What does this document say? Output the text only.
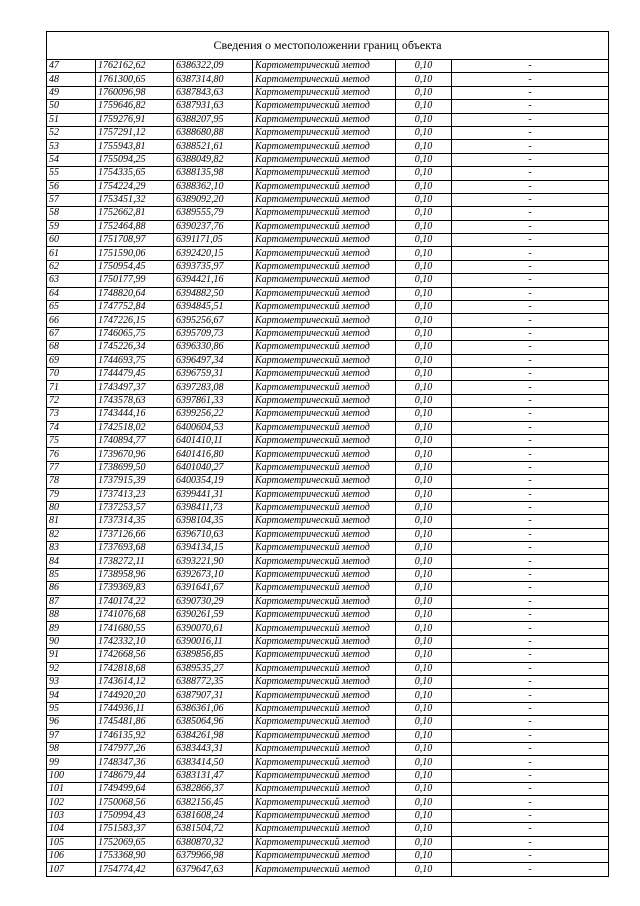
Сведения о местоположении границ объекта					
47	1762162,62	6386322,09	Картометрический метод	0,10	-
48	1761300,65	6387314,80	Картометрический метод	0,10	-
49	1760096,98	6387843,63	Картометрический метод	0,10	-
50	1759646,82	6387931,63	Картометрический метод	0,10	-
51	1759276,91	6388207,95	Картометрический метод	0,10	-
52	1757291,12	6388680,88	Картометрический метод	0,10	-
53	1755943,81	6388521,61	Картометрический метод	0,10	-
54	1755094,25	6388049,82	Картометрический метод	0,10	-
55	1754335,65	6388135,98	Картометрический метод	0,10	-
56	1754224,29	6388362,10	Картометрический метод	0,10	-
57	1753451,32	6389092,20	Картометрический метод	0,10	-
58	1752662,81	6389555,79	Картометрический метод	0,10	-
59	1752464,88	6390237,76	Картометрический метод	0,10	-
60	1751708,97	6391171,05	Картометрический метод	0,10	-
61	1751590,06	6392420,15	Картометрический метод	0,10	-
62	1750954,45	6393735,97	Картометрический метод	0,10	-
63	1750177,99	6394421,16	Картометрический метод	0,10	-
64	1748820,64	6394882,50	Картометрический метод	0,10	-
65	1747752,84	6394845,51	Картометрический метод	0,10	-
66	1747226,15	6395256,67	Картометрический метод	0,10	-
67	1746065,75	6395709,73	Картометрический метод	0,10	-
68	1745226,34	6396330,86	Картометрический метод	0,10	-
69	1744693,75	6396497,34	Картометрический метод	0,10	-
70	1744479,45	6396759,31	Картометрический метод	0,10	-
71	1743497,37	6397283,08	Картометрический метод	0,10	-
72	1743578,63	6397861,33	Картометрический метод	0,10	-
73	1743444,16	6399256,22	Картометрический метод	0,10	-
74	1742518,02	6400604,53	Картометрический метод	0,10	-
75	1740894,77	6401410,11	Картометрический метод	0,10	-
76	1739670,96	6401416,80	Картометрический метод	0,10	-
77	1738699,50	6401040,27	Картометрический метод	0,10	-
78	1737915,39	6400354,19	Картометрический метод	0,10	-
79	1737413,23	6399441,31	Картометрический метод	0,10	-
80	1737253,57	6398411,73	Картометрический метод	0,10	-
81	1737314,35	6398104,35	Картометрический метод	0,10	-
82	1737126,66	6396710,63	Картометрический метод	0,10	-
83	1737693,68	6394134,15	Картометрический метод	0,10	-
84	1738272,11	6393221,90	Картометрический метод	0,10	-
85	1738958,96	6392673,10	Картометрический метод	0,10	-
86	1739369,83	6391641,67	Картометрический метод	0,10	-
87	1740174,22	6390730,29	Картометрический метод	0,10	-
88	1741076,68	6390261,59	Картометрический метод	0,10	-
89	1741680,55	6390070,61	Картометрический метод	0,10	-
90	1742332,10	6390016,11	Картометрический метод	0,10	-
91	1742668,56	6389856,85	Картометрический метод	0,10	-
92	1742818,68	6389535,27	Картометрический метод	0,10	-
93	1743614,12	6388772,35	Картометрический метод	0,10	-
94	1744920,20	6387907,31	Картометрический метод	0,10	-
95	1744936,11	6386361,06	Картометрический метод	0,10	-
96	1745481,86	6385064,96	Картометрический метод	0,10	-
97	1746135,92	6384261,98	Картометрический метод	0,10	-
98	1747977,26	6383443,31	Картометрический метод	0,10	-
99	1748347,36	6383414,50	Картометрический метод	0,10	-
100	1748679,44	6383131,47	Картометрический метод	0,10	-
101	1749499,64	6382866,37	Картометрический метод	0,10	-
102	1750068,56	6382156,45	Картометрический метод	0,10	-
103	1750994,43	6381608,24	Картометрический метод	0,10	-
104	1751583,37	6381504,72	Картометрический метод	0,10	-
105	1752069,65	6380870,32	Картометрический метод	0,10	-
106	1753368,90	6379966,98	Картометрический метод	0,10	-
107	1754774,42	6379647,63	Картометрический метод	0,10	-
